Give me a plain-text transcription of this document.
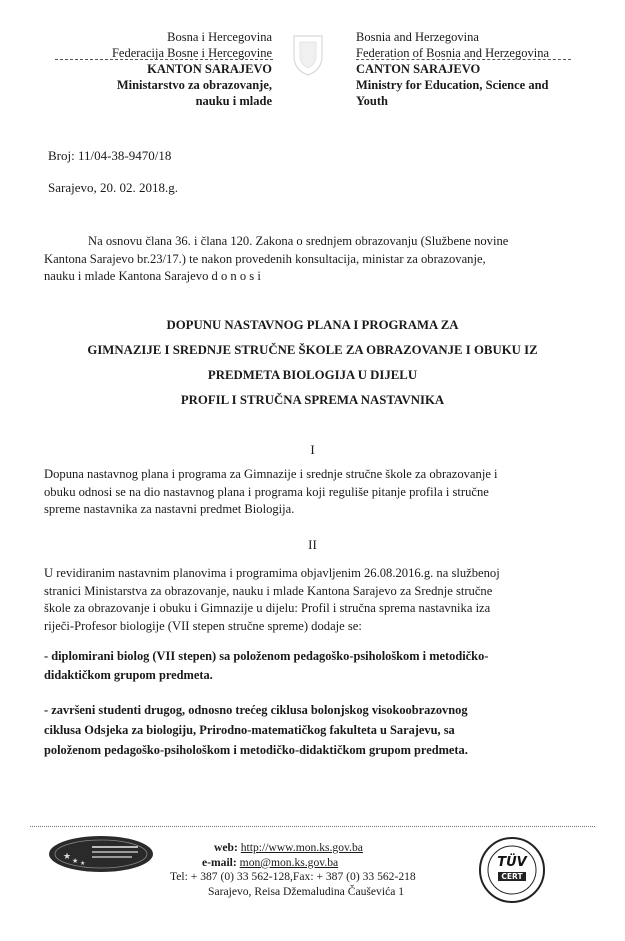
Bosna i Hercegovina
Federacija Bosne i Hercegovine
KANTON SARAJEVO
Ministarstvo za obrazovanje,
nauku i mlade
Bosnia and Herzegovina
Federation of Bosnia and Herzegovina
CANTON SARAJEVO
Ministry for Education, Science and
Youth
Broj: 11/04-38-9470/18
Sarajevo, 20. 02. 2018.g.
Na osnovu člana 36. i člana 120. Zakona o srednjem obrazovanju (Službene novine
Kantona Sarajevo br.23/17.) te nakon provedenih konsultacija, ministar za obrazovanje,
nauku i mlade Kantona Sarajevo d o n o s i
DOPUNU NASTAVNOG PLANA I PROGRAMA ZA
GIMNAZIJE I SREDNJE STRUČNE ŠKOLE ZA OBRAZOVANJE I OBUKU IZ
PREDMETA BIOLOGIJA U DIJELU
PROFIL I STRUČNA SPREMA NASTAVNIKA
I
Dopuna nastavnog plana i programa za Gimnazije i srednje stručne škole za obrazovanje i
obuku odnosi se na dio nastavnog plana i programa koji reguliše pitanje profila i stručne
spreme nastavnika za nastavni predmet Biologija.
II
U revidiranim nastavnim planovima i programima objavljenim 26.08.2016.g. na službenoj
stranici Ministarstva za obrazovanje, nauku i mlade Kantona Sarajevo za Srednje stručne
škole za obrazovanje i obuku i Gimnazije u dijelu: Profil i stručna sprema nastavnika iza
riječi-Profesor biologije (VII stepen stručne spreme) dodaje se:
- diplomirani biolog (VII stepen) sa položenom pedagoško-psihološkom i metodičko-
didaktičkom grupom predmeta.
- završeni studenti drugog, odnosno trećeg ciklusa bolonjskog visokoobrazovnog
ciklusa Odsjeka za biologiju, Prirodno-matematičkog fakulteta u Sarajevu, sa
položenom pedagoško-psihološkom i metodičko-didaktičkom grupom predmeta.
★ ★ ★
web: http://www.mon.ks.gov.ba
e-mail: mon@mon.ks.gov.ba
Tel: + 387 (0) 33 562-128,Fax: + 387 (0) 33 562-218
Sarajevo, Reisa Džemaludina Čauševića 1
TÜV
CERT
